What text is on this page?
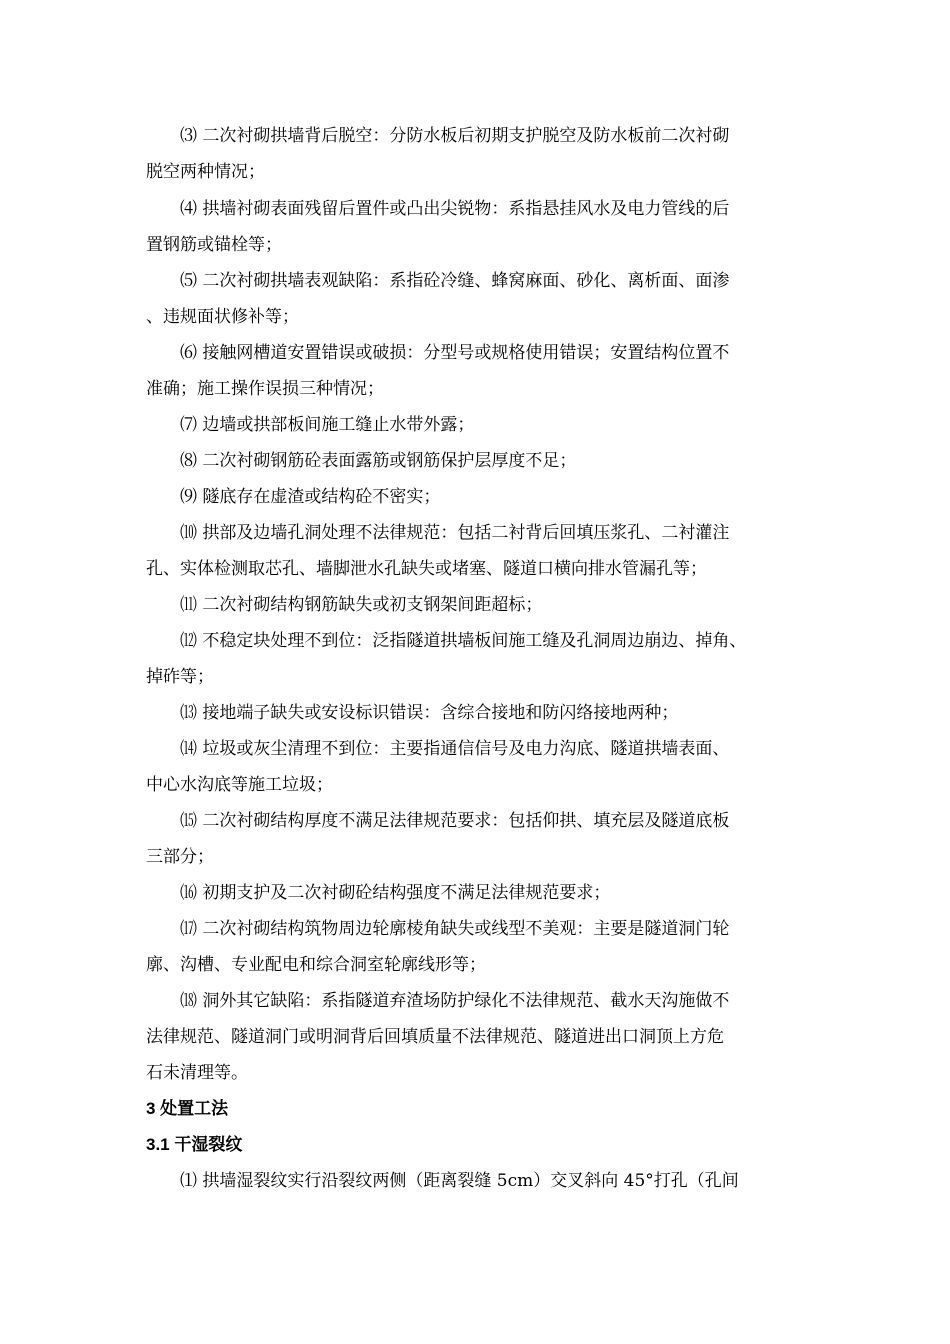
⑶ 二次衬砌拱墙背后脱空：分防水板后初期支护脱空及防水板前二次衬砌
脱空两种情况；
⑷ 拱墙衬砌表面残留后置件或凸出尖锐物：系指悬挂风水及电力管线的后
置钢筋或锚栓等；
⑸ 二次衬砌拱墙表观缺陷：系指砼冷缝、蜂窝麻面、砂化、离析面、面渗
、违规面状修补等；
⑹ 接触网槽道安置错误或破损：分型号或规格使用错误；安置结构位置不
准确；施工操作误损三种情况；
⑺ 边墙或拱部板间施工缝止水带外露；
⑻ 二次衬砌钢筋砼表面露筋或钢筋保护层厚度不足；
⑼ 隧底存在虚渣或结构砼不密实；
⑽ 拱部及边墙孔洞处理不法律规范：包括二衬背后回填压浆孔、二衬灌注
孔、实体检测取芯孔、墙脚泄水孔缺失或堵塞、隧道口横向排水管漏孔等；
⑾ 二次衬砌结构钢筋缺失或初支钢架间距超标；
⑿ 不稳定块处理不到位：泛指隧道拱墙板间施工缝及孔洞周边崩边、掉角、
掉砟等；
⒀ 接地端子缺失或安设标识错误：含综合接地和防闪络接地两种；
⒁ 垃圾或灰尘清理不到位：主要指通信信号及电力沟底、隧道拱墙表面、
中心水沟底等施工垃圾；
⒂ 二次衬砌结构厚度不满足法律规范要求：包括仰拱、填充层及隧道底板
三部分；
⒃ 初期支护及二次衬砌砼结构强度不满足法律规范要求；
⒄ 二次衬砌结构筑物周边轮廓棱角缺失或线型不美观：主要是隧道洞门轮
廓、沟槽、专业配电和综合洞室轮廓线形等；
⒅ 洞外其它缺陷：系指隧道弃渣场防护绿化不法律规范、截水天沟施做不
法律规范、隧道洞门或明洞背后回填质量不法律规范、隧道进出口洞顶上方危
石未清理等。
3 处置工法
3.1 干湿裂纹
⑴ 拱墙湿裂纹实行沿裂纹两侧（距离裂缝 5cm）交叉斜向 45°打孔（孔间
